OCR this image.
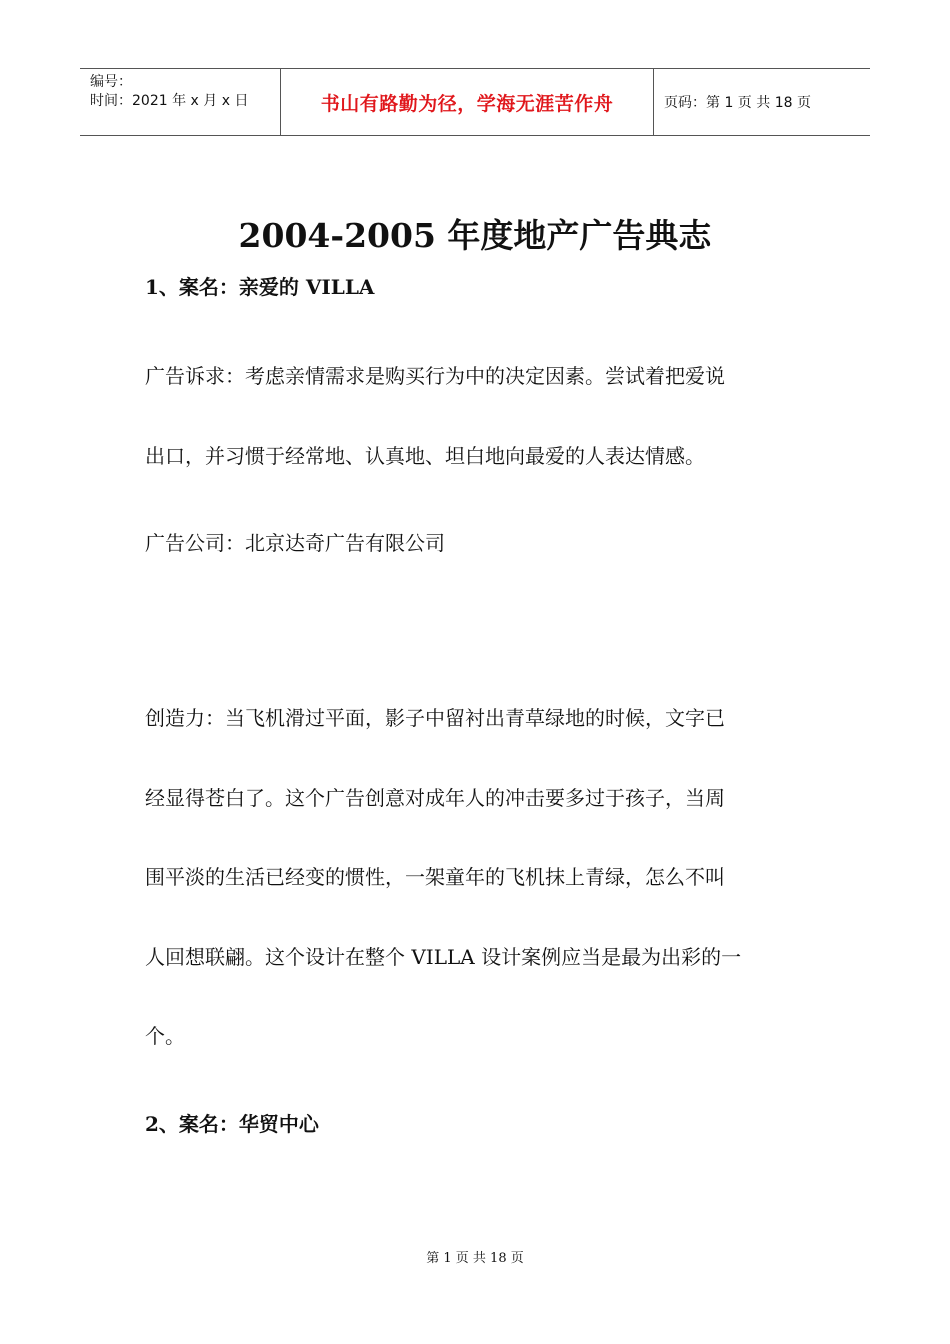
编号：
时间：2021 年 x 月 x 日	书山有路勤为径，学海无涯苦作舟	页码：第 1 页 共 18 页
2004-2005 年度地产广告典志

1、案名：亲爱的 VILLA

广告诉求：考虑亲情需求是购买行为中的决定因素。尝试着把爱说

出口，并习惯于经常地、认真地、坦白地向最爱的人表达情感。

广告公司：北京达奇广告有限公司

创造力：当飞机滑过平面，影子中留衬出青草绿地的时候，文字已

经显得苍白了。这个广告创意对成年人的冲击要多过于孩子，当周

围平淡的生活已经变的惯性，一架童年的飞机抹上青绿，怎么不叫

人回想联翩。这个设计在整个 VILLA 设计案例应当是最为出彩的一

个。

2、案名：华贸中心

第 1 页 共 18 页
